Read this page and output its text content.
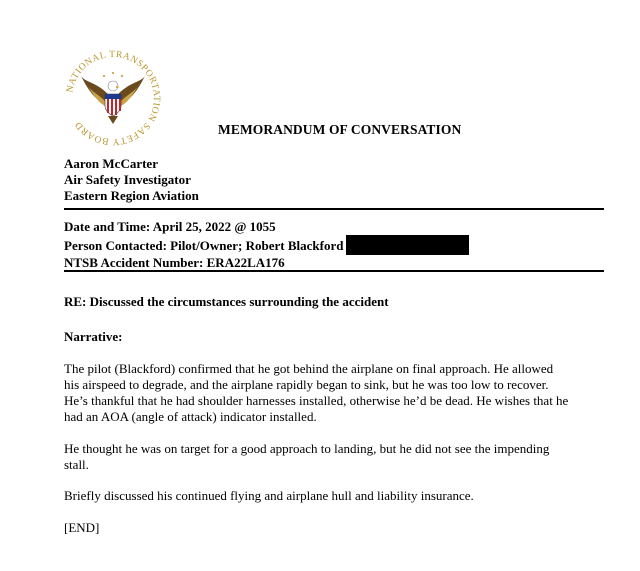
NATIONAL TRANSPORTATION SAFETY BOARD	MEMORANDUM OF CONVERSATION
Aaron McCarter
Air Safety Investigator
Eastern Region Aviation
Date and Time: April 25, 2022 @ 1055
Person Contacted: Pilot/Owner; Robert Blackford
NTSB Accident Number: ERA22LA176
RE: Discussed the circumstances surrounding the accident
Narrative:
The pilot (Blackford) confirmed that he got behind the airplane on final approach. He allowed
his airspeed to degrade, and the airplane rapidly began to sink, but he was too low to recover.
He’s thankful that he had shoulder harnesses installed, otherwise he’d be dead. He wishes that he
had an AOA (angle of attack) indicator installed.
He thought he was on target for a good approach to landing, but he did not see the impending
stall.
Briefly discussed his continued flying and airplane hull and liability insurance.
[END]
